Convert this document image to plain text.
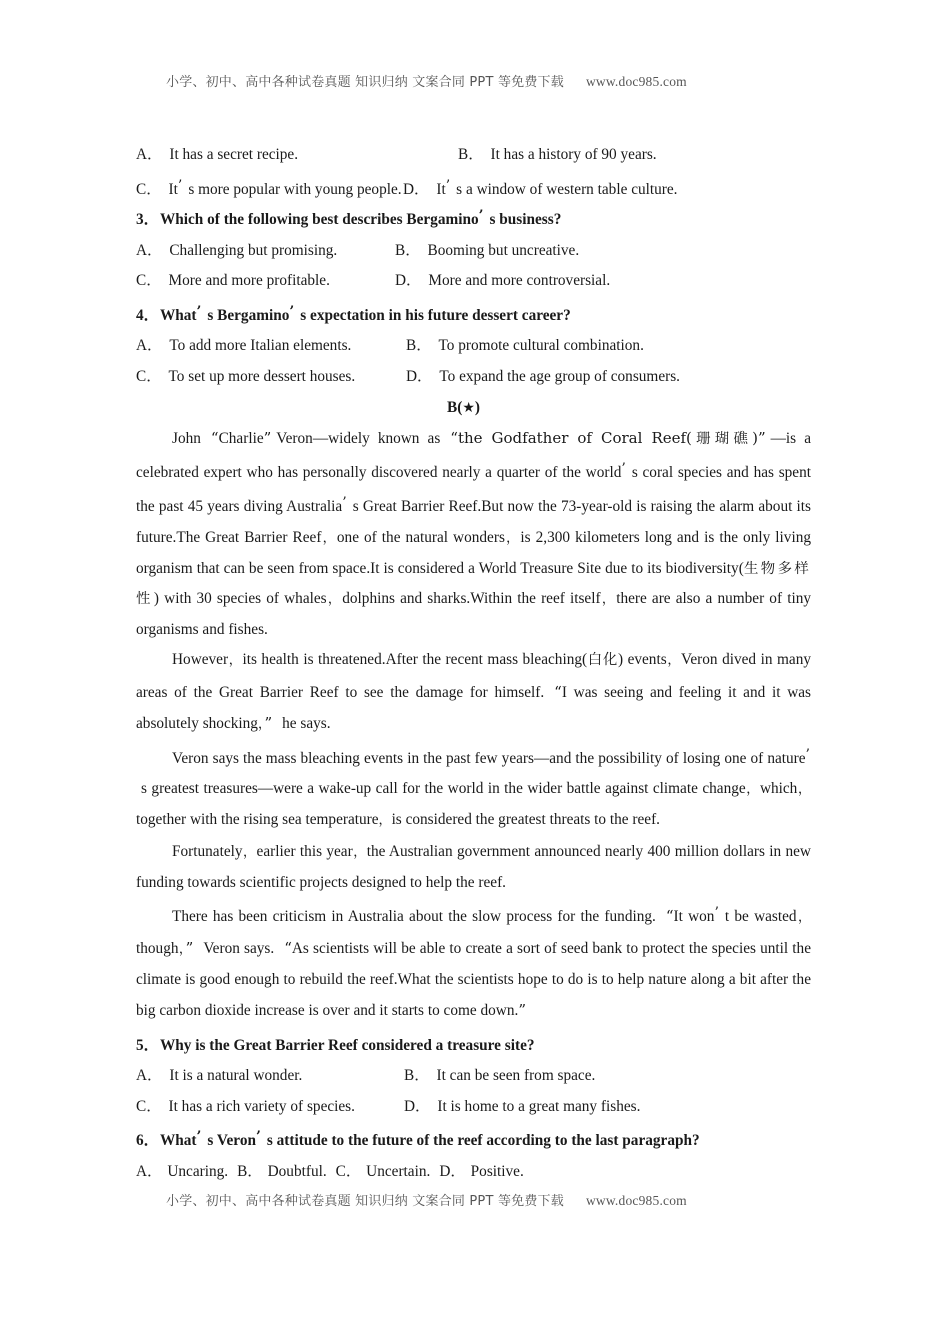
小学、初中、高中各种试卷真题 知识归纳 文案合同 PPT 等免费下载 www.doc985.com
A． It has a secret recipe.	B． It has a history of 90 years.
C． It’ s more popular with young people. D． It’ s a window of western table culture.
3．Which of the following best describes Bergamino’ s business?
A． Challenging but promising.	B． Booming but uncreative.
C． More and more profitable.	D． More and more controversial.
4．What’ s Bergamino’ s expectation in his future dessert career?
A． To add more Italian elements.	B． To promote cultural combination.
C． To set up more dessert houses.	D． To expand the age group of consumers.
B(★)

John “Charlie” Veron—widely known as “the Godfather of Coral Reef(珊瑚礁)” —is a celebrated expert who has personally discovered nearly a quarter of the world’ s coral species and has spent the past 45 years diving Australia’ s Great Barrier Reef.But now the 73-year-old is raising the alarm about its future.The Great Barrier Reef，one of the natural wonders，is 2,300 kilometers long and is the only living organism that can be seen from space.It is considered a World Treasure Site due to its biodiversity(生物多样性) with 30 species of whales，dolphins and sharks.Within the reef itself，there are also a number of tiny organisms and fishes.

However，its health is threatened.After the recent mass bleaching(白化) events，Veron dived in many areas of the Great Barrier Reef to see the damage for himself. “I was seeing and feeling it and it was absolutely shocking，” he says.

Veron says the mass bleaching events in the past few years—and the possibility of losing one of nature’s greatest treasures—were a wake-up call for the world in the wider battle against climate change，which，together with the rising sea temperature，is considered the greatest threats to the reef.

Fortunately，earlier this year，the Australian government announced nearly 400 million dollars in new funding towards scientific projects designed to help the reef.

There has been criticism in Australia about the slow process for the funding. “It won’ t be wasted，though，” Veron says. “As scientists will be able to create a sort of seed bank to protect the species until the climate is good enough to rebuild the reef.What the scientists hope to do is to help nature along a bit after the big carbon dioxide increase is over and it starts to come down.”

5．Why is the Great Barrier Reef considered a treasure site?
A． It is a natural wonder.	B． It can be seen from space.
C． It has a rich variety of species.	D． It is home to a great many fishes.
6．What’ s Veron’ s attitude to the future of the reef according to the last paragraph?
A． Uncaring. B． Doubtful. C． Uncertain. D． Positive.
小学、初中、高中各种试卷真题 知识归纳 文案合同 PPT 等免费下载 www.doc985.com
